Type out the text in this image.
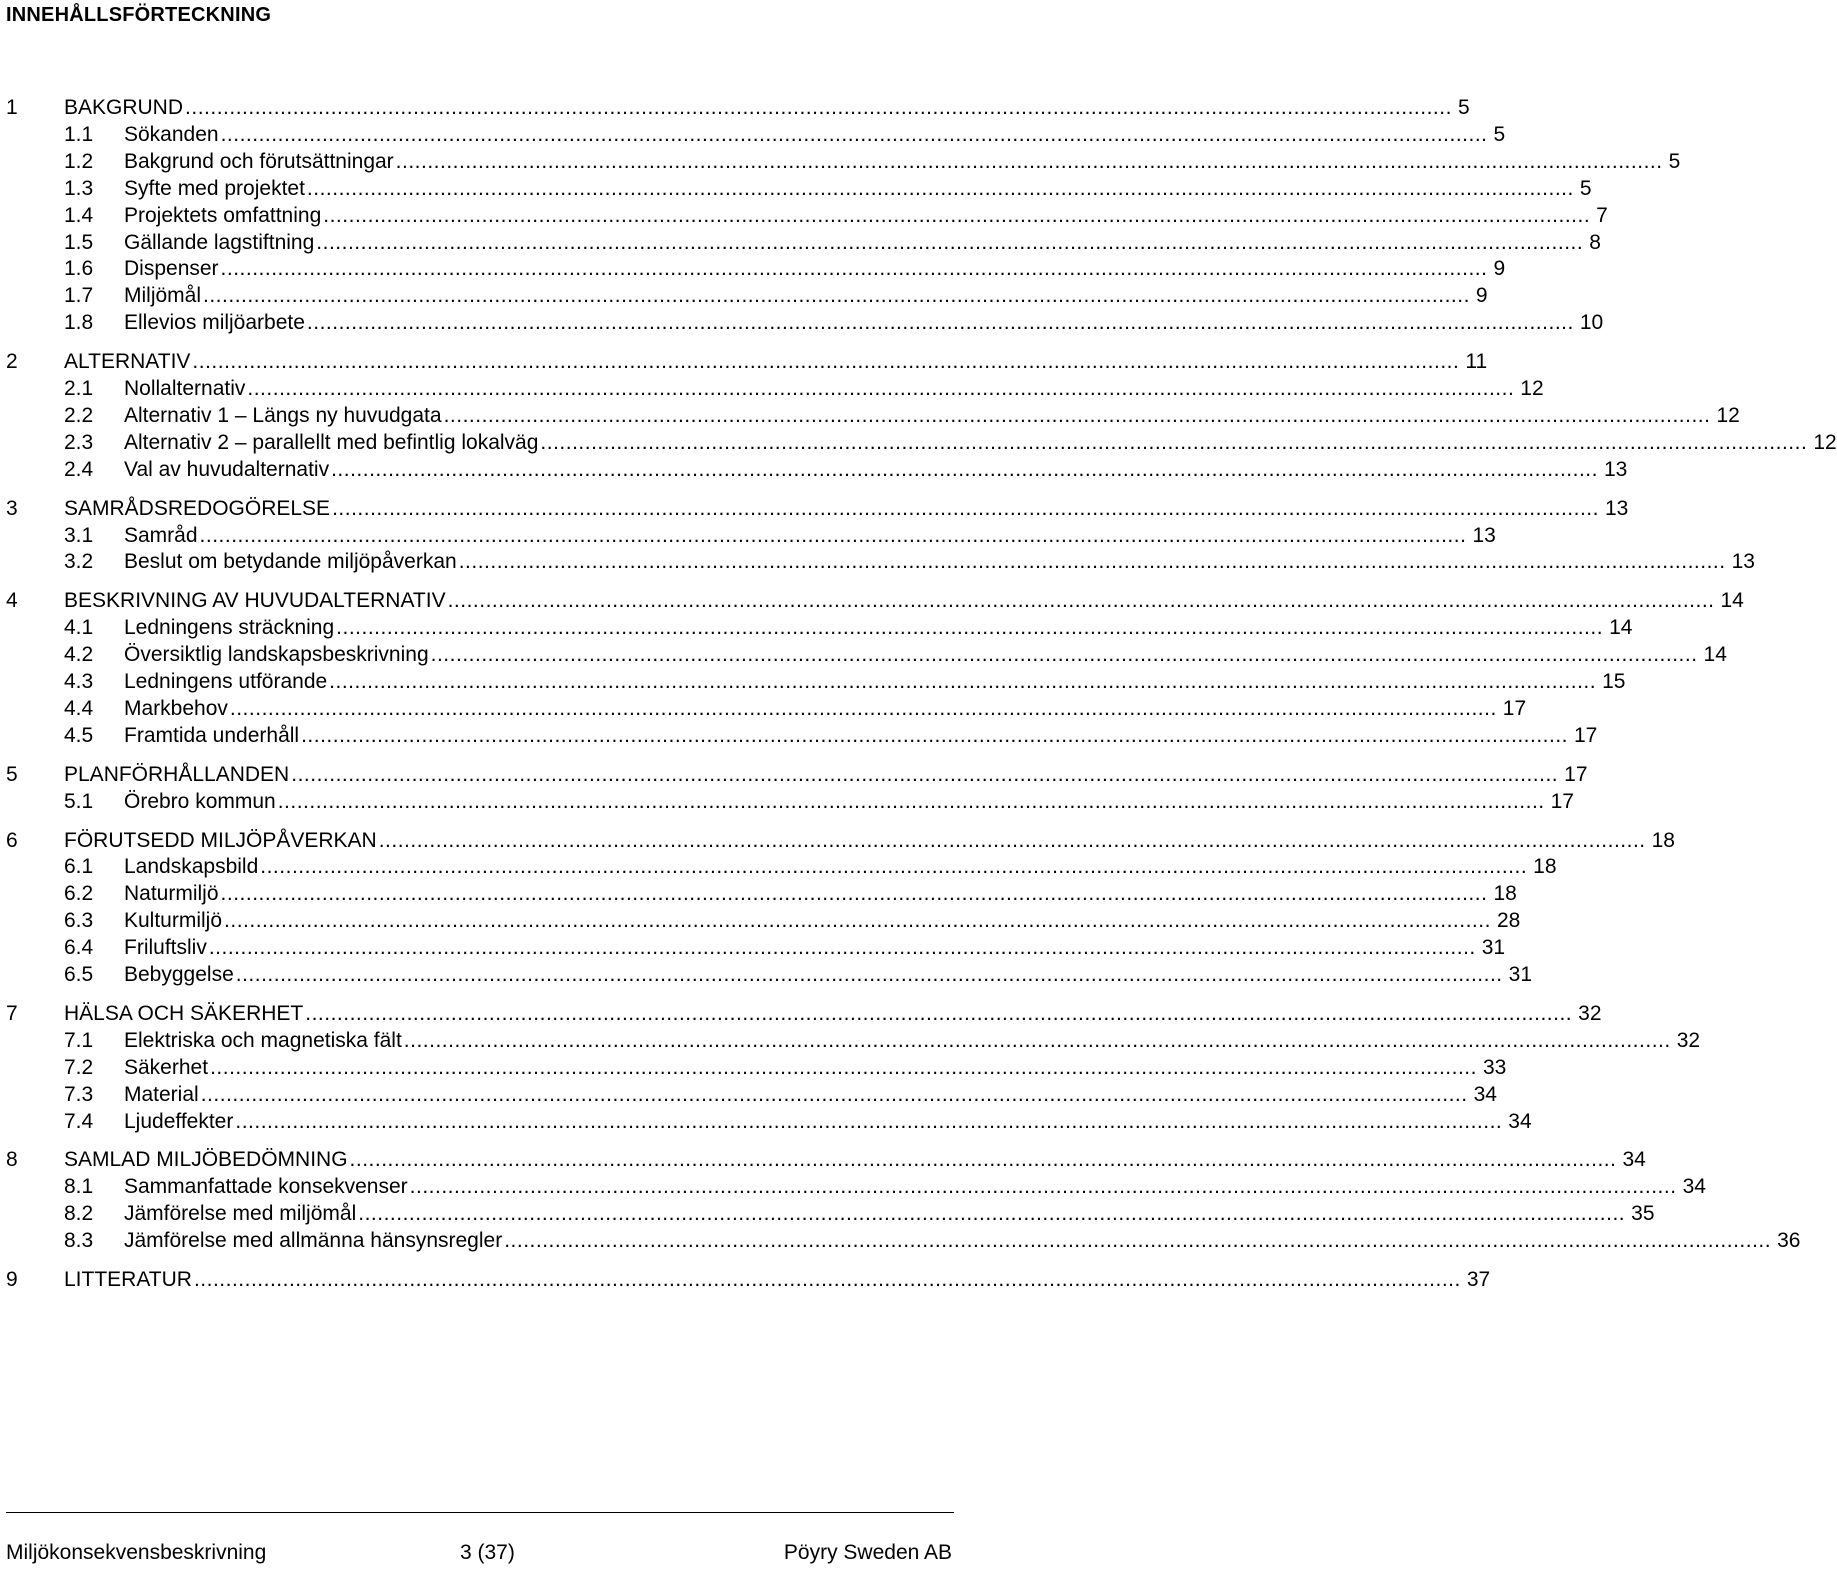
INNEHÅLLSFÖRTECKNING
1 BAKGRUND ........................................................................................................................................................................................................ 5
1.1 Sökanden ........................................................................................................................................................................................................ 5
1.2 Bakgrund och förutsättningar ........................................................................................................................................................................................................ 5
1.3 Syfte med projektet ........................................................................................................................................................................................................ 5
1.4 Projektets omfattning ........................................................................................................................................................................................................ 7
1.5 Gällande lagstiftning ........................................................................................................................................................................................................ 8
1.6 Dispenser ........................................................................................................................................................................................................ 9
1.7 Miljömål ........................................................................................................................................................................................................ 9
1.8 Ellevios miljöarbete ........................................................................................................................................................................................................ 10
2 ALTERNATIV ........................................................................................................................................................................................................ 11
2.1 Nollalternativ ........................................................................................................................................................................................................ 12
2.2 Alternativ 1 – Längs ny huvudgata ........................................................................................................................................................................................................ 12
2.3 Alternativ 2 – parallellt med befintlig lokalväg ........................................................................................................................................................................................................ 12
2.4 Val av huvudalternativ ........................................................................................................................................................................................................ 13
3 SAMRÅDSREDOGÖRELSE ........................................................................................................................................................................................................ 13
3.1 Samråd ........................................................................................................................................................................................................ 13
3.2 Beslut om betydande miljöpåverkan ........................................................................................................................................................................................................ 13
4 BESKRIVNING AV HUVUDALTERNATIV ........................................................................................................................................................................................................ 14
4.1 Ledningens sträckning ........................................................................................................................................................................................................ 14
4.2 Översiktlig landskapsbeskrivning ........................................................................................................................................................................................................ 14
4.3 Ledningens utförande ........................................................................................................................................................................................................ 15
4.4 Markbehov ........................................................................................................................................................................................................ 17
4.5 Framtida underhåll ........................................................................................................................................................................................................ 17
5 PLANFÖRHÅLLANDEN ........................................................................................................................................................................................................ 17
5.1 Örebro kommun ........................................................................................................................................................................................................ 17
6 FÖRUTSEDD MILJÖPÅVERKAN ........................................................................................................................................................................................................ 18
6.1 Landskapsbild ........................................................................................................................................................................................................ 18
6.2 Naturmiljö ........................................................................................................................................................................................................ 18
6.3 Kulturmiljö ........................................................................................................................................................................................................ 28
6.4 Friluftsliv ........................................................................................................................................................................................................ 31
6.5 Bebyggelse ........................................................................................................................................................................................................ 31
7 HÄLSA OCH SÄKERHET ........................................................................................................................................................................................................ 32
7.1 Elektriska och magnetiska fält ........................................................................................................................................................................................................ 32
7.2 Säkerhet ........................................................................................................................................................................................................ 33
7.3 Material ........................................................................................................................................................................................................ 34
7.4 Ljudeffekter ........................................................................................................................................................................................................ 34
8 SAMLAD MILJÖBEDÖMNING ........................................................................................................................................................................................................ 34
8.1 Sammanfattade konsekvenser ........................................................................................................................................................................................................ 34
8.2 Jämförelse med miljömål ........................................................................................................................................................................................................ 35
8.3 Jämförelse med allmänna hänsynsregler ........................................................................................................................................................................................................ 36
9 LITTERATUR ........................................................................................................................................................................................................ 37
Miljökonsekvensbeskrivning	3 (37)	Pöyry Sweden AB
